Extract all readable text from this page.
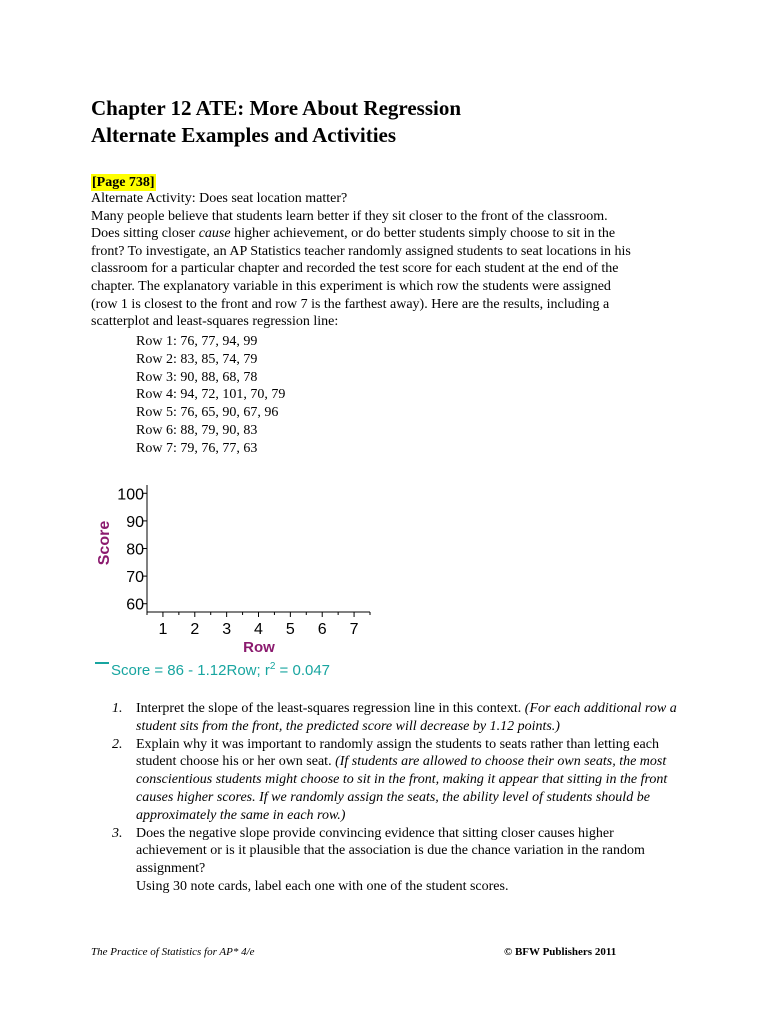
Chapter 12 ATE: More About Regression
Alternate Examples and Activities
[Page 738]
Alternate Activity: Does seat location matter?
Many people believe that students learn better if they sit closer to the front of the classroom.
Does sitting closer cause higher achievement, or do better students simply choose to sit in the
front? To investigate, an AP Statistics teacher randomly assigned students to seat locations in his
classroom for a particular chapter and recorded the test score for each student at the end of the
chapter. The explanatory variable in this experiment is which row the students were assigned
(row 1 is closest to the front and row 7 is the farthest away). Here are the results, including a
scatterplot and least-squares regression line:
Row 1: 76, 77, 94, 99
Row 2: 83, 85, 74, 79
Row 3: 90, 88, 68, 78
Row 4: 94, 72, 101, 70, 79
Row 5: 76, 65, 90, 67, 96
Row 6: 88, 79, 90, 83
Row 7: 79, 76, 77, 63
100
90
80
70
60
1 2 3 4 5 6 7
Score
Row
Score = 86 - 1.12Row; $r^2 = 0.047$
1. Interpret the slope of the least-squares regression line in this context. (For each additional row a student sits from the front, the predicted score will decrease by 1.12 points.)
2. Explain why it was important to randomly assign the students to seats rather than letting each student choose his or her own seat. (If students are allowed to choose their own seats, the most conscientious students might choose to sit in the front, making it appear that sitting in the front causes higher scores. If we randomly assign the seats, the ability level of students should be approximately the same in each row.)
3. Does the negative slope provide convincing evidence that sitting closer causes higher achievement or is it plausible that the association is due the chance variation in the random assignment?
Using 30 note cards, label each one with one of the student scores.
The Practice of Statistics for AP* 4/e	© BFW Publishers 2011
